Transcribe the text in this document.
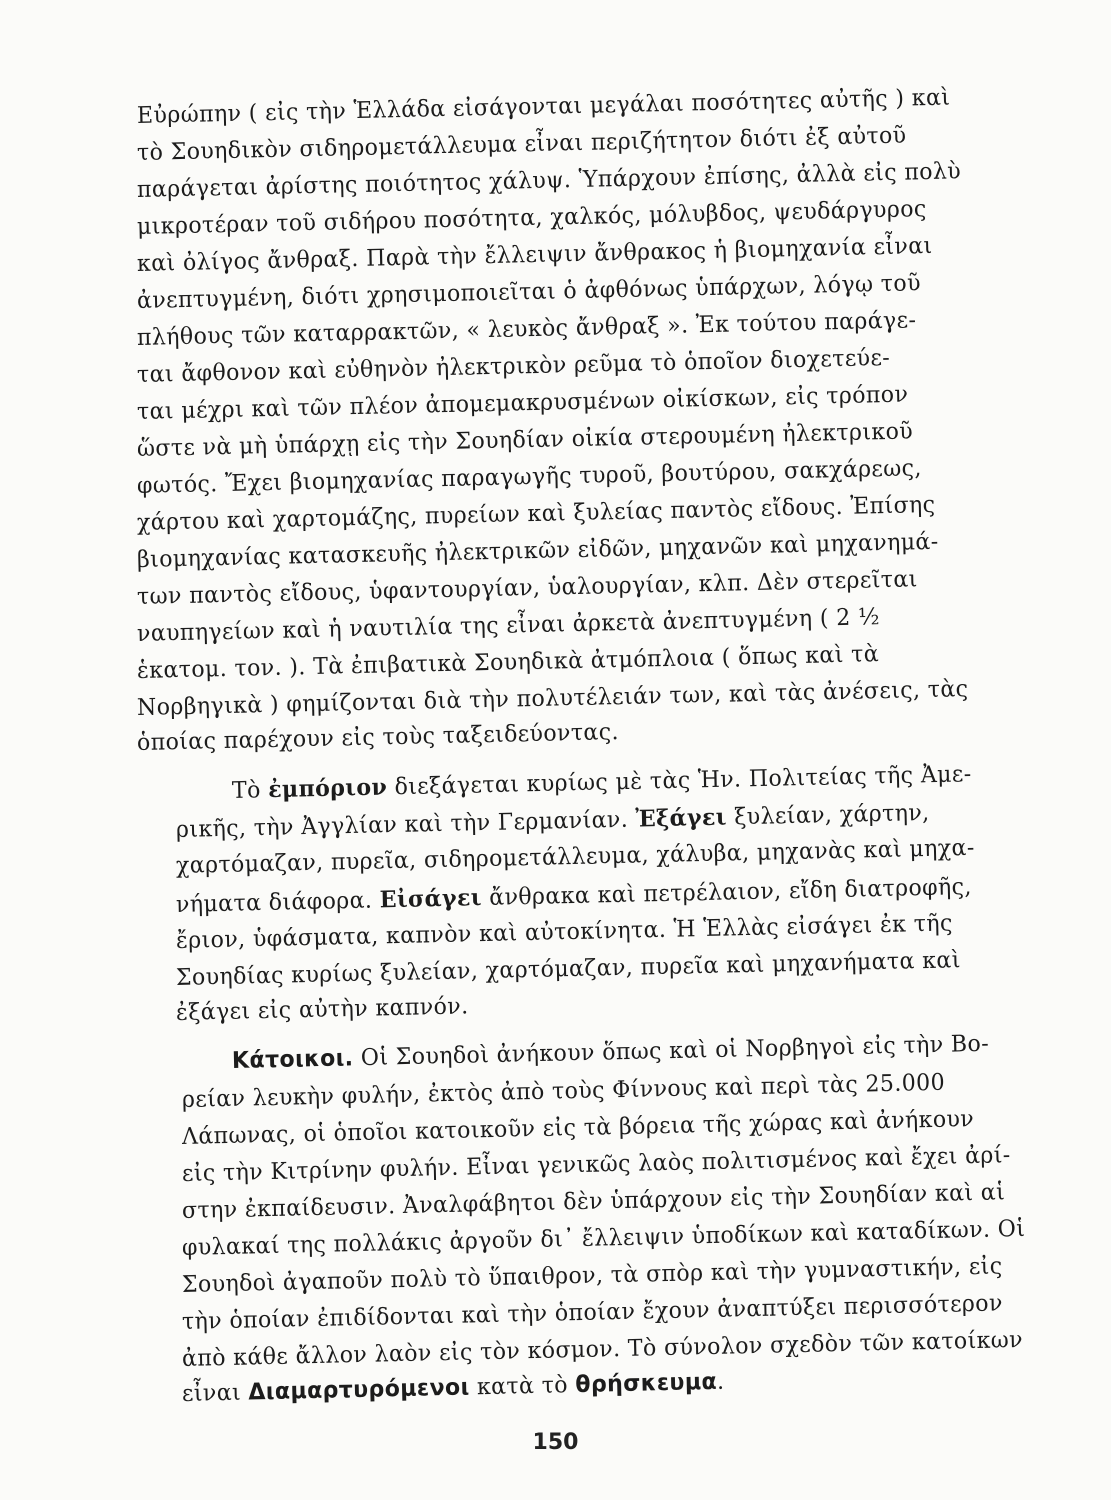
Εὐρώπην ( εἰς τὴν Ἑλλάδα εἰσάγονται μεγάλαι ποσότητες αὐτῆς ) καὶ
τὸ Σουηδικὸν σιδηρομετάλλευμα εἶναι περιζήτητον διότι ἐξ αὐτοῦ
παράγεται ἀρίστης ποιότητος χάλυψ. Ὑπάρχουν ἐπίσης, ἀλλὰ εἰς πολὺ
μικροτέραν τοῦ σιδήρου ποσότητα, χαλκός, μόλυβδος, ψευδάργυρος
καὶ ὀλίγος ἄνθραξ. Παρὰ τὴν ἔλλειψιν ἄνθρακος ἡ βιομηχανία εἶναι
ἀνεπτυγμένη, διότι χρησιμοποιεῖται ὁ ἀφθόνως ὑπάρχων, λόγῳ τοῦ
πλήθους τῶν καταρρακτῶν, « λευκὸς ἄνθραξ ». Ἐκ τούτου παράγε-
ται ἄφθονον καὶ εὐθηνὸν ἠλεκτρικὸν ρεῦμα τὸ ὁποῖον διοχετεύε-
ται μέχρι καὶ τῶν πλέον ἀπομεμακρυσμένων οἰκίσκων, εἰς τρόπον
ὥστε νὰ μὴ ὑπάρχῃ εἰς τὴν Σουηδίαν οἰκία στερουμένη ἠλεκτρικοῦ
φωτός. Ἔχει βιομηχανίας παραγωγῆς τυροῦ, βουτύρου, σακχάρεως,
χάρτου καὶ χαρτομάζης, πυρείων καὶ ξυλείας παντὸς εἴδους. Ἐπίσης
βιομηχανίας κατασκευῆς ἠλεκτρικῶν εἰδῶν, μηχανῶν καὶ μηχανημά-
των παντὸς εἴδους, ὑφαντουργίαν, ὑαλουργίαν, κλπ. Δὲν στερεῖται
ναυπηγείων καὶ ἡ ναυτιλία της εἶναι ἀρκετὰ ἀνεπτυγμένη ( 2 ½
ἑκατομ. τον. ). Τὰ ἐπιβατικὰ Σουηδικὰ ἀτμόπλοια ( ὅπως καὶ τὰ
Νορβηγικὰ ) φημίζονται διὰ τὴν πολυτέλειάν των, καὶ τὰς ἀνέσεις, τὰς
ὁποίας παρέχουν εἰς τοὺς ταξειδεύοντας.
Τὸ ἐμπόριον διεξάγεται κυρίως μὲ τὰς Ἡν. Πολιτείας τῆς Ἀμε-
ρικῆς, τὴν Ἀγγλίαν καὶ τὴν Γερμανίαν. Ἐξάγει ξυλείαν, χάρτην,
χαρτόμαζαν, πυρεῖα, σιδηρομετάλλευμα, χάλυβα, μηχανὰς καὶ μηχα-
νήματα διάφορα. Εἰσάγει ἄνθρακα καὶ πετρέλαιον, εἴδη διατροφῆς,
ἔριον, ὑφάσματα, καπνὸν καὶ αὐτοκίνητα. Ἡ Ἑλλὰς εἰσάγει ἐκ τῆς
Σουηδίας κυρίως ξυλείαν, χαρτόμαζαν, πυρεῖα καὶ μηχανήματα καὶ
ἐξάγει εἰς αὐτὴν καπνόν.
Κάτοικοι. Οἱ Σουηδοὶ ἀνήκουν ὅπως καὶ οἱ Νορβηγοὶ εἰς τὴν Βο-
ρείαν λευκὴν φυλήν, ἐκτὸς ἀπὸ τοὺς Φίννους καὶ περὶ τὰς 25.000
Λάπωνας, οἱ ὁποῖοι κατοικοῦν εἰς τὰ βόρεια τῆς χώρας καὶ ἀνήκουν
εἰς τὴν Κιτρίνην φυλήν. Εἶναι γενικῶς λαὸς πολιτισμένος καὶ ἔχει ἀρί-
στην ἐκπαίδευσιν. Ἀναλφάβητοι δὲν ὑπάρχουν εἰς τὴν Σουηδίαν καὶ αἱ
φυλακαί της πολλάκις ἀργοῦν δι᾽ ἔλλειψιν ὑποδίκων καὶ καταδίκων. Οἱ
Σουηδοὶ ἀγαποῦν πολὺ τὸ ὕπαιθρον, τὰ σπὸρ καὶ τὴν γυμναστικήν, εἰς
τὴν ὁποίαν ἐπιδίδονται καὶ τὴν ὁποίαν ἔχουν ἀναπτύξει περισσότερον
ἀπὸ κάθε ἄλλον λαὸν εἰς τὸν κόσμον. Τὸ σύνολον σχεδὸν τῶν κατοίκων
εἶναι Διαμαρτυρόμενοι κατὰ τὸ θρήσκευμα.
150
